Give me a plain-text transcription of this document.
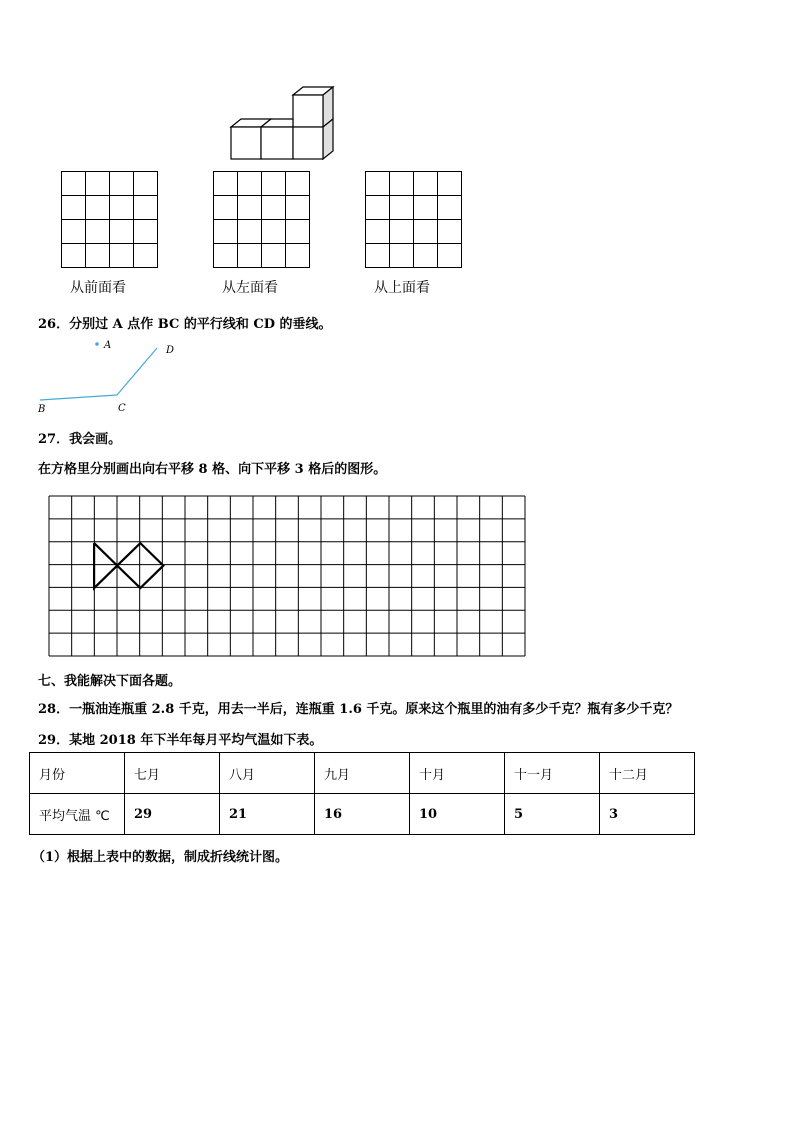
从前面看	从左面看	从上面看
26．分别过 A 点作 BC 的平行线和 CD 的垂线。
A	D
B	C
27．我会画。
在方格里分别画出向右平移 8 格、向下平移 3 格后的图形。
七、我能解决下面各题。
28．一瓶油连瓶重 2.8 千克，用去一半后，连瓶重 1.6 千克。原来这个瓶里的油有多少千克？瓶有多少千克？
29．某地 2018 年下半年每月平均气温如下表。
月份	七月	八月	九月	十月	十一月	十二月
平均气温 ℃	29	21	16	10	5	3
（1）根据上表中的数据，制成折线统计图。
